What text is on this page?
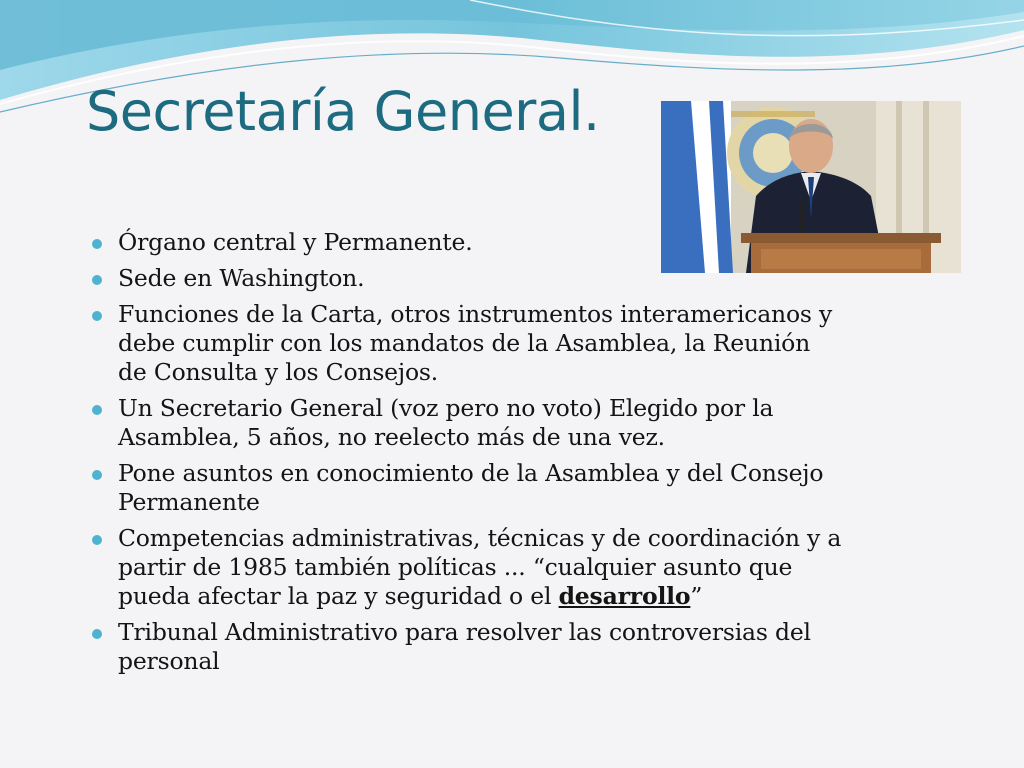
Secretaría General.
Órgano central y Permanente.
Sede en Washington.
Funciones de la Carta, otros instrumentos interamericanos y
debe cumplir con los mandatos de la Asamblea, la Reunión
de Consulta y los Consejos.
Un Secretario General (voz pero no voto) Elegido por la
Asamblea, 5 años, no reelecto más de una vez.
Pone asuntos en conocimiento de la Asamblea y del Consejo
Permanente
Competencias administrativas, técnicas y de coordinación y a
partir de 1985 también políticas ... “cualquier asunto que
pueda afectar la paz y seguridad o el desarrollo”
Tribunal Administrativo para resolver las controversias del
personal
